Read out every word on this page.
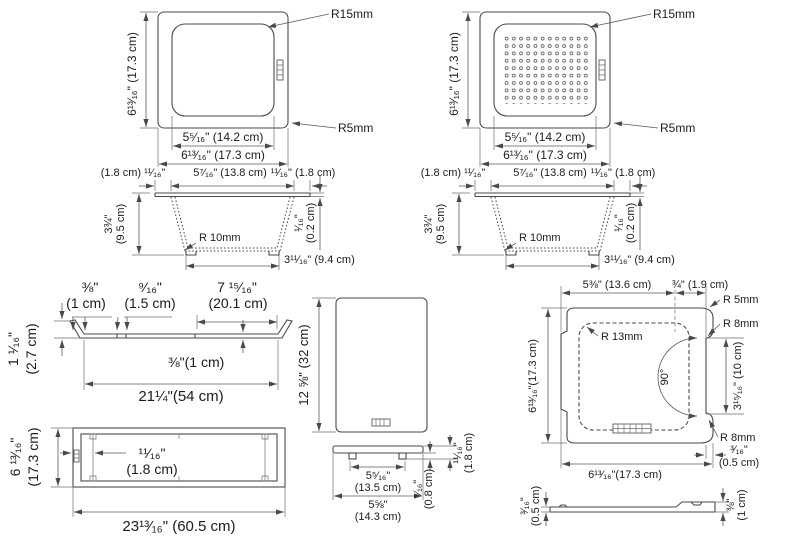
6¹³⁄₁₆" (17.3 cm)
R15mm
R5mm
5⁵⁄₁₆" (14.2 cm)
6¹³⁄₁₆" (17.3 cm)
6¹³⁄₁₆" (17.3 cm)
R15mm
R5mm
5⁵⁄₁₆" (14.2 cm)
6¹³⁄₁₆" (17.3 cm)
(1.8 cm) ¹¹⁄₁₆"	5⁷⁄₁₆" (13.8 cm) ¹¹⁄₁₆" (1.8 cm)
3¾" (9.5 cm)	R 10mm
¹⁄₁₆" (0.2 cm)
3¹¹⁄₁₆" (9.4 cm)
(1.8 cm) ¹¹⁄₁₆"	5⁷⁄₁₆" (13.8 cm) ¹¹⁄₁₆" (1.8 cm)
3¾" (9.5 cm)	R 10mm
¹⁄₁₆" (0.2 cm)
3¹¹⁄₁₆" (9.4 cm)
⅜"
(1 cm)
⁹⁄₁₆"
(1.5 cm)
7 ¹⁵⁄₁₆"
(20.1 cm)
1 ¹⁄₁₆" (2.7 cm)	⅜"(1 cm)
21¼"(54 cm)
6 ¹³⁄₁₆" (17.3 cm)	¹¹⁄₁₆"
(1.8 cm)
23¹³⁄₁₆" (60.5 cm)
12 ⅝" (32 cm)
5⁵⁄₁₆"
(13.5 cm)
5⅝"
(14.3 cm)
⁵⁄₁₆" (0.8 cm)
¹¹⁄₁₆" (1.8 cm)
5⅜" (13.6 cm) ¾" (1.9 cm)
R 5mm
R 8mm
R 13mm
90°	3¹⁵⁄₁₆" (10 cm)
R 8mm
6¹³⁄₁₆"(17.3 cm)
6¹³⁄₁₆"(17.3 cm)
³⁄₁₆"
(0.5 cm)
³⁄₁₆" (0.5 cm)	⅜" (1 cm)
